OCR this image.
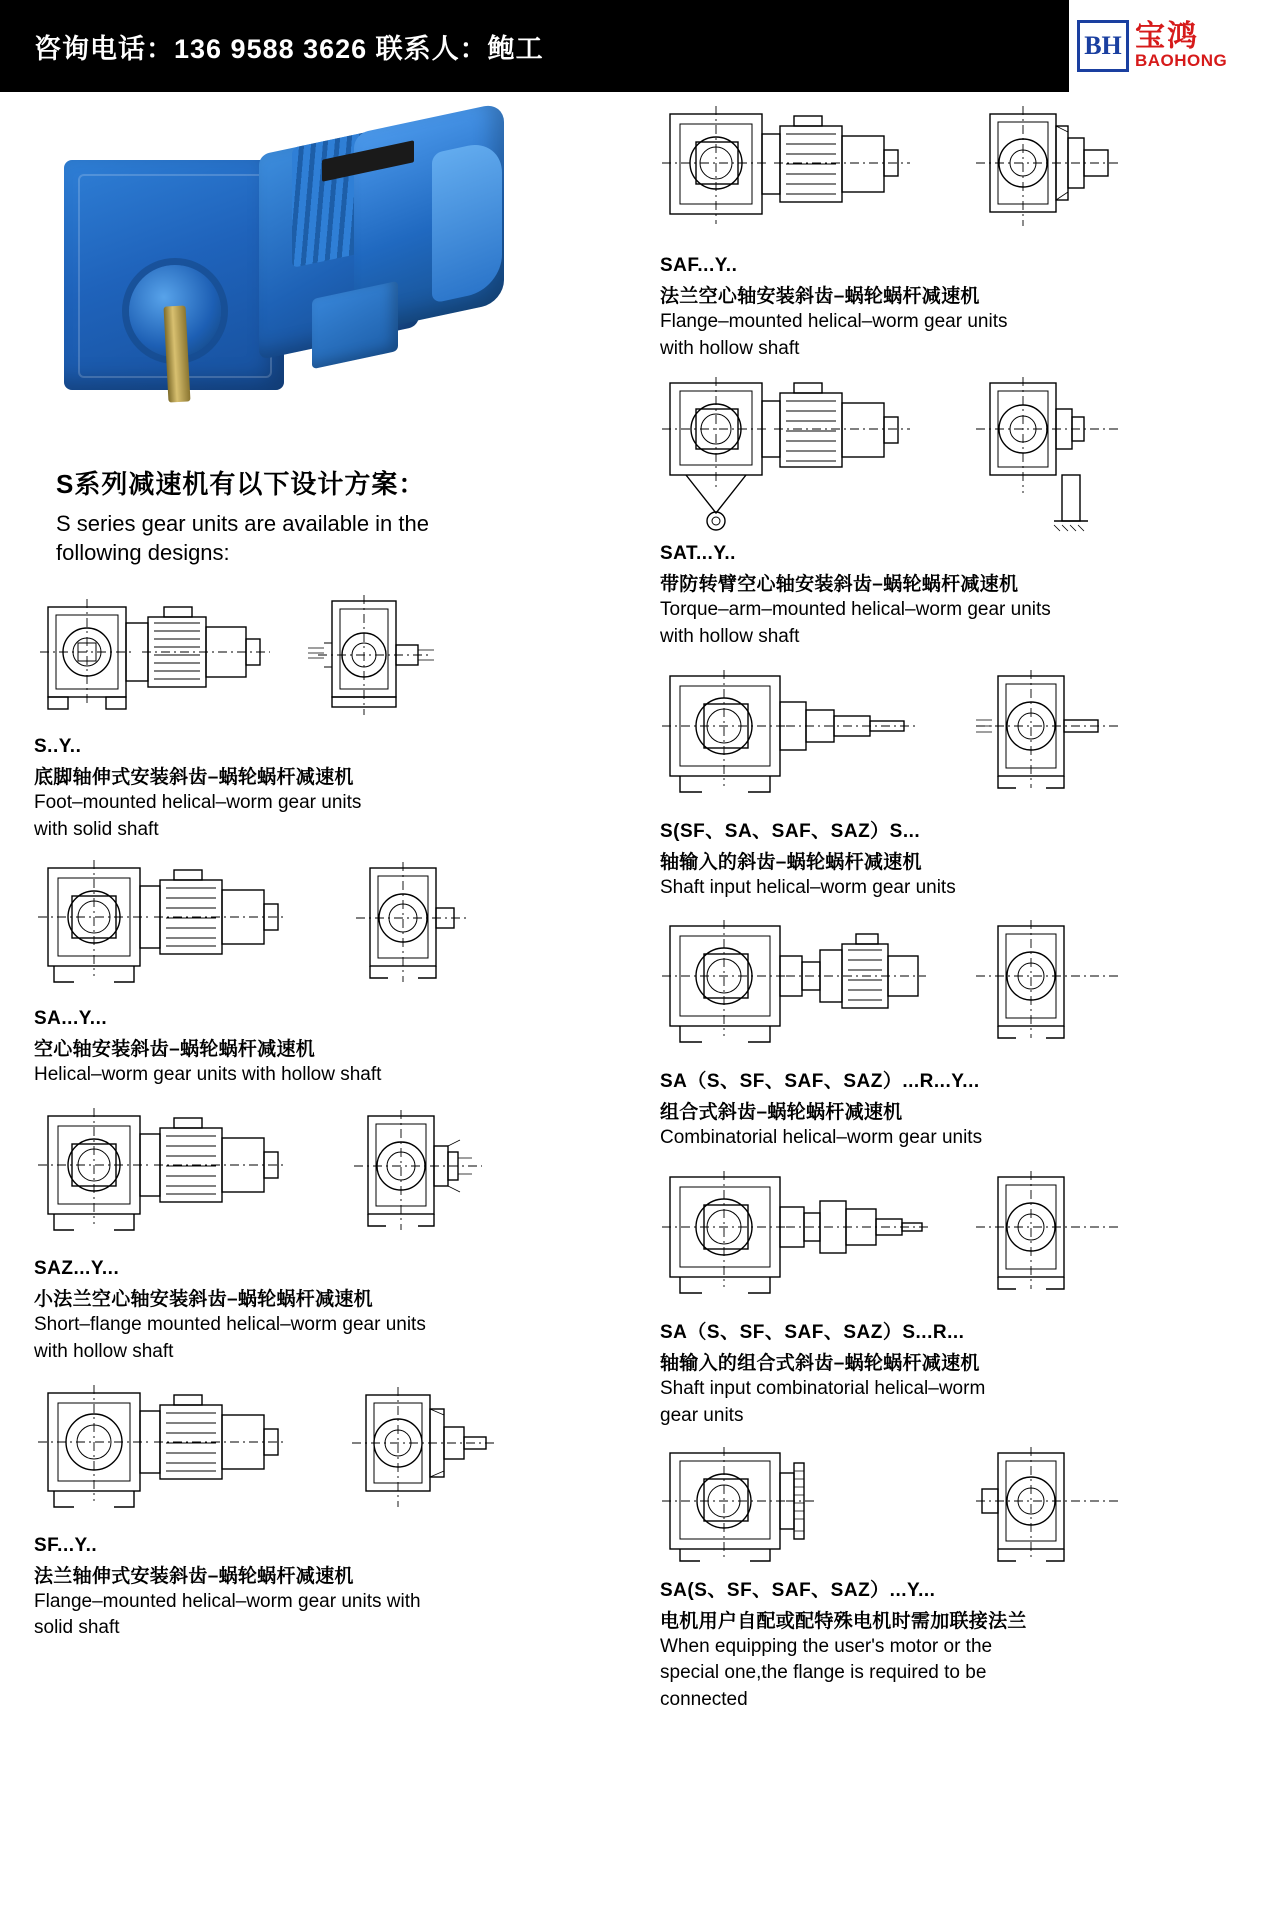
咨询电话：136 9588 3626 联系人：鲍工	BH 宝鸿
BAOHONG
S系列减速机有以下设计方案：
S series gear units are available in the
following designs:
S..Y..
底脚轴伸式安装斜齿–蜗轮蜗杆减速机
Foot–mounted helical–worm gear units
with solid shaft
SA...Y...
空心轴安装斜齿–蜗轮蜗杆减速机
Helical–worm gear units with hollow shaft
SAZ...Y...
小法兰空心轴安装斜齿–蜗轮蜗杆减速机
Short–flange mounted helical–worm gear units
with hollow shaft
SF...Y..
法兰轴伸式安装斜齿–蜗轮蜗杆减速机
Flange–mounted helical–worm gear units with
solid shaft
SAF...Y..
法兰空心轴安装斜齿–蜗轮蜗杆减速机
Flange–mounted helical–worm gear units
with hollow shaft
SAT...Y..
带防转臂空心轴安装斜齿–蜗轮蜗杆减速机
Torque–arm–mounted helical–worm gear units
with hollow shaft
S(SF、SA、SAF、SAZ）S...
轴输入的斜齿–蜗轮蜗杆减速机
Shaft input helical–worm gear units
SA（S、SF、SAF、SAZ）...R...Y...
组合式斜齿–蜗轮蜗杆减速机
Combinatorial helical–worm gear units
SA（S、SF、SAF、SAZ）S...R...
轴输入的组合式斜齿–蜗轮蜗杆减速机
Shaft input combinatorial helical–worm
gear units
SA(S、SF、SAF、SAZ）...Y...
电机用户自配或配特殊电机时需加联接法兰
When equipping the user's motor or the
special one,the flange is required to be
connected
